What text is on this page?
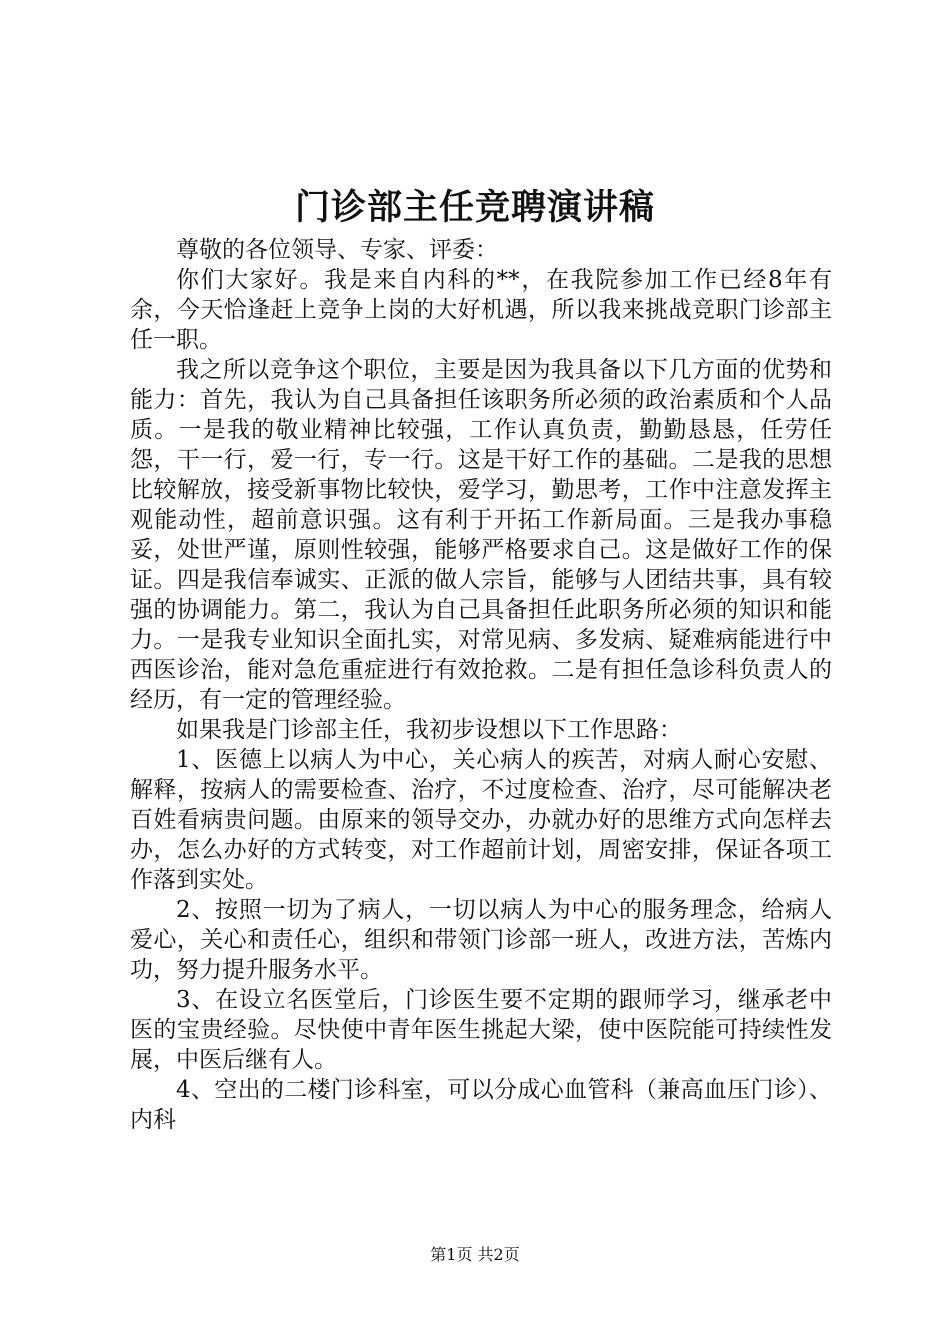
门诊部主任竞聘演讲稿

尊敬的各位领导、专家、评委：

你们大家好。我是来自内科的**，在我院参加工作已经8年有余，今天恰逢赶上竞争上岗的大好机遇，所以我来挑战竞职门诊部主任一职。

我之所以竞争这个职位，主要是因为我具备以下几方面的优势和能力：首先，我认为自己具备担任该职务所必须的政治素质和个人品质。一是我的敬业精神比较强，工作认真负责，勤勤恳恳，任劳任怨，干一行，爱一行，专一行。这是干好工作的基础。二是我的思想比较解放，接受新事物比较快，爱学习，勤思考，工作中注意发挥主观能动性，超前意识强。这有利于开拓工作新局面。三是我办事稳妥，处世严谨，原则性较强，能够严格要求自己。这是做好工作的保证。四是我信奉诚实、正派的做人宗旨，能够与人团结共事，具有较强的协调能力。第二，我认为自己具备担任此职务所必须的知识和能力。一是我专业知识全面扎实，对常见病、多发病、疑难病能进行中西医诊治，能对急危重症进行有效抢救。二是有担任急诊科负责人的经历，有一定的管理经验。

如果我是门诊部主任，我初步设想以下工作思路：

1、医德上以病人为中心，关心病人的疾苦，对病人耐心安慰、解释，按病人的需要检查、治疗，不过度检查、治疗，尽可能解决老百姓看病贵问题。由原来的领导交办，办就办好的思维方式向怎样去办，怎么办好的方式转变，对工作超前计划，周密安排，保证各项工作落到实处。

2、按照一切为了病人，一切以病人为中心的服务理念，给病人爱心，关心和责任心，组织和带领门诊部一班人，改进方法，苦炼内功，努力提升服务水平。

3、在设立名医堂后，门诊医生要不定期的跟师学习，继承老中医的宝贵经验。尽快使中青年医生挑起大梁，使中医院能可持续性发展，中医后继有人。

4、空出的二楼门诊科室，可以分成心血管科（兼高血压门诊）、内科

第1页 共2页
